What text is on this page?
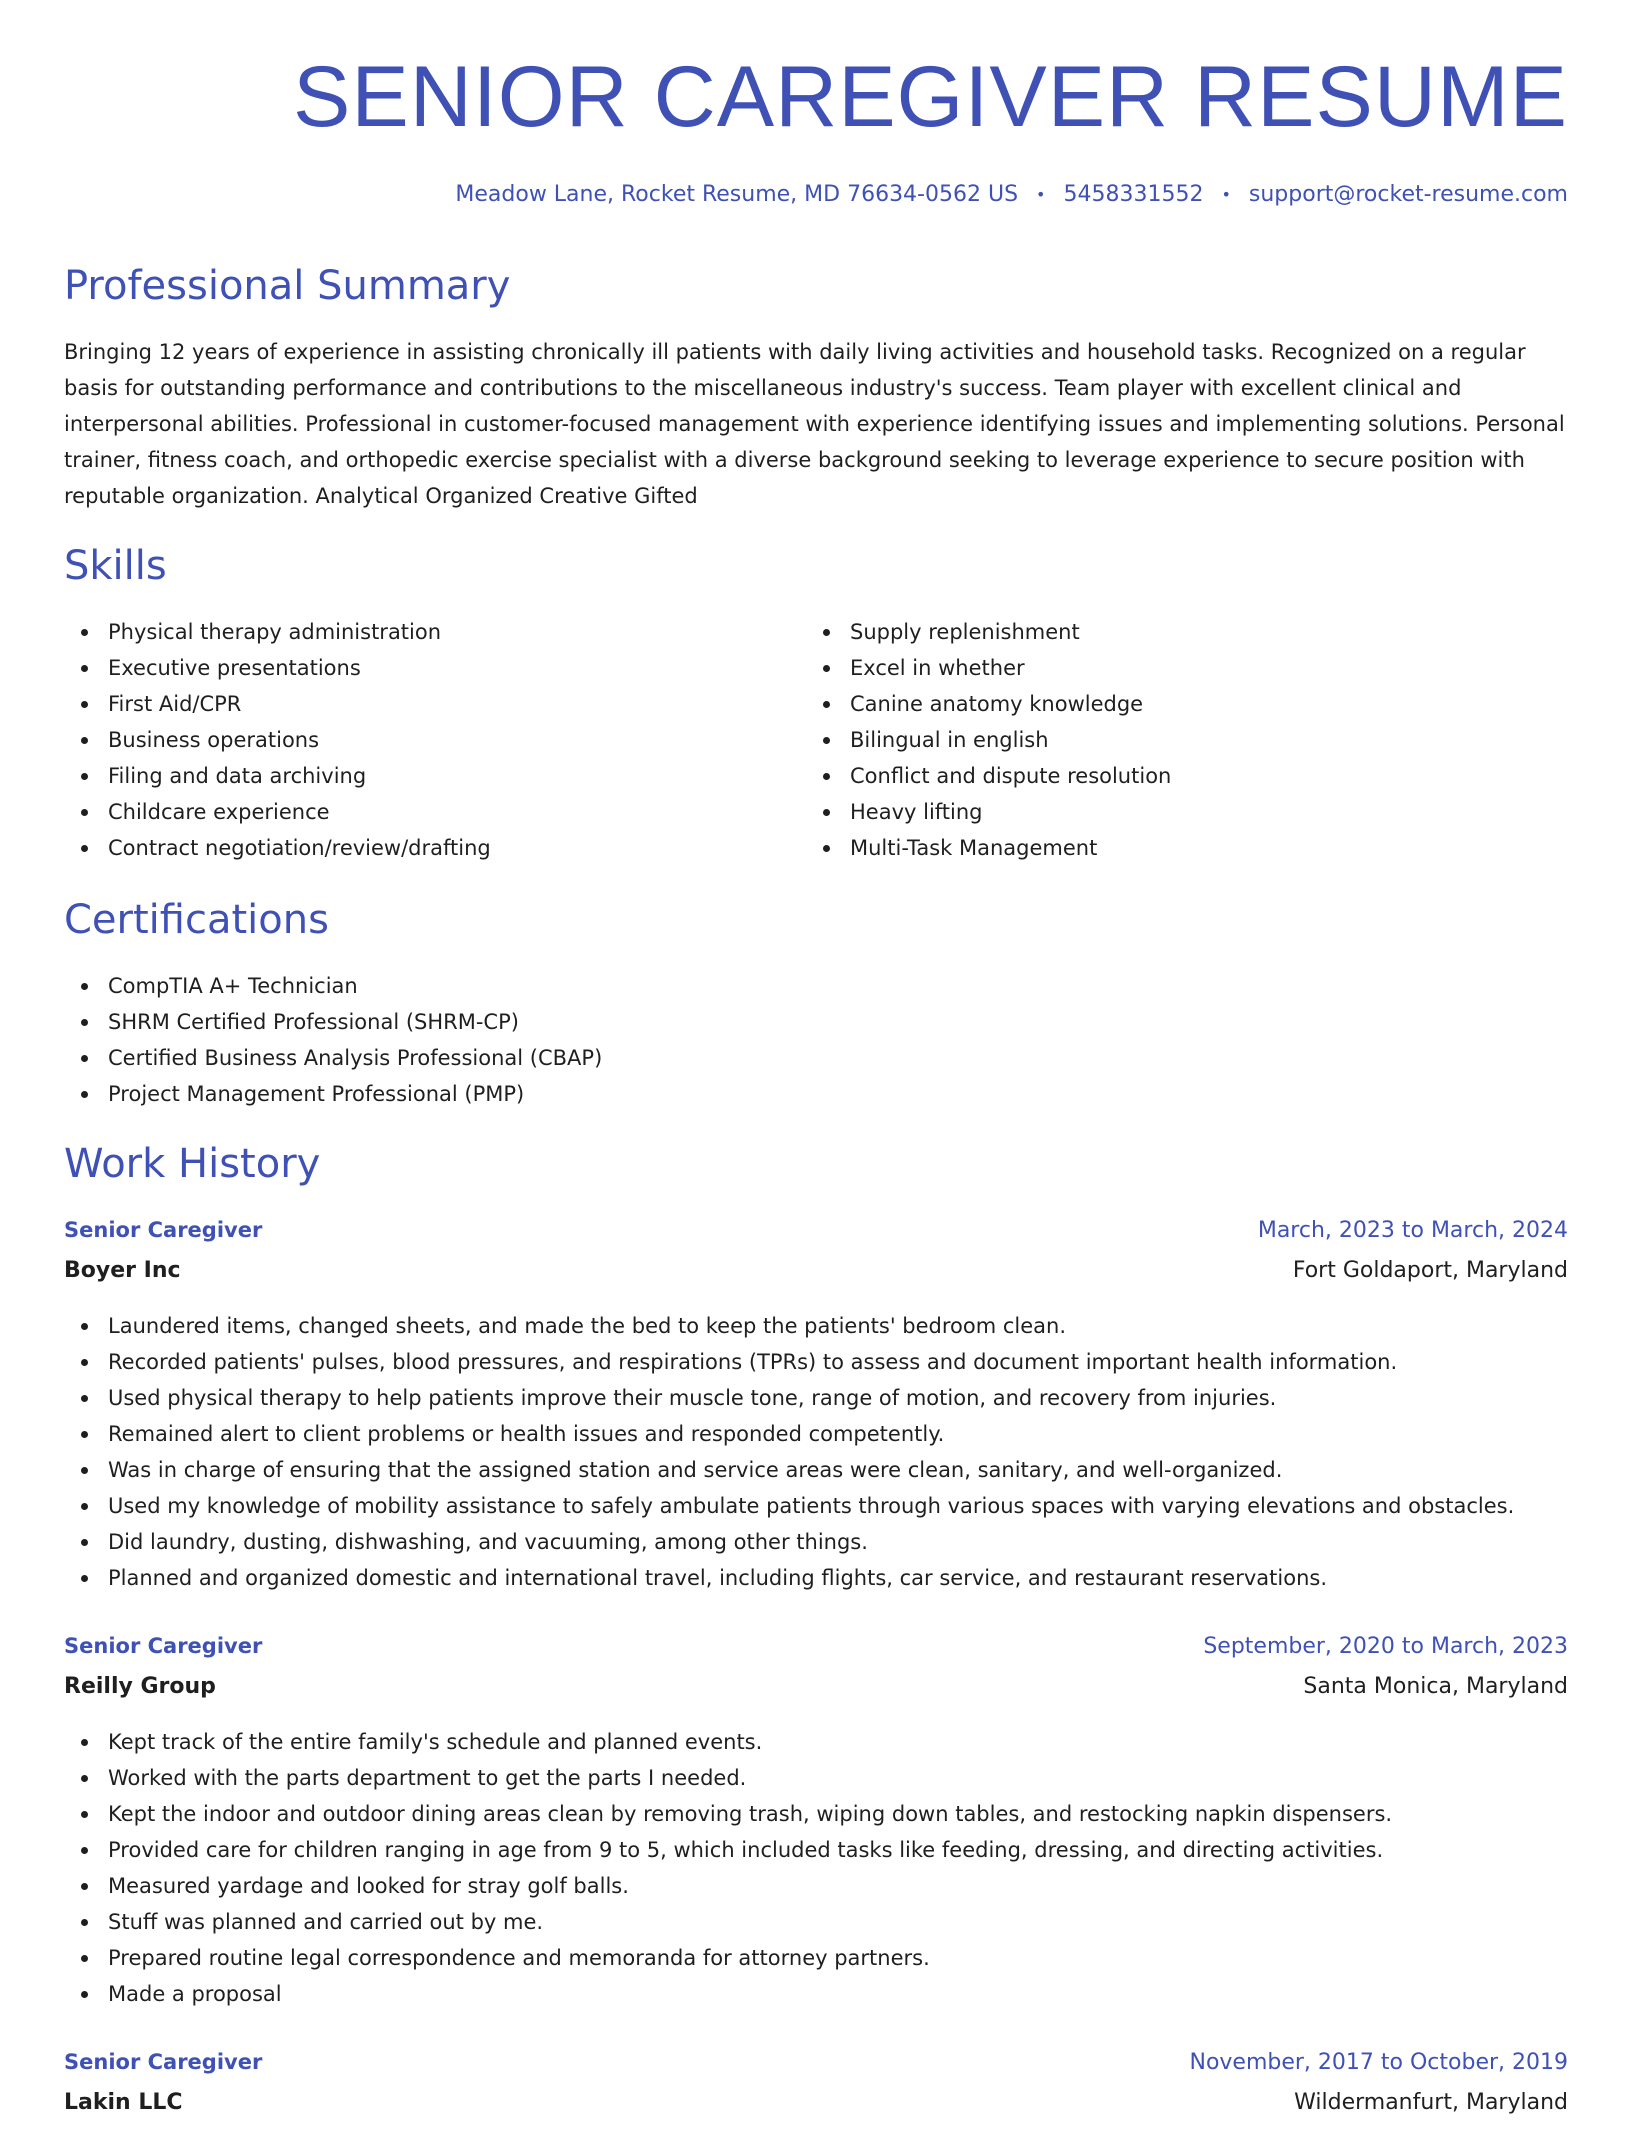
SENIOR CAREGIVER RESUME
Meadow Lane, Rocket Resume, MD 76634-0562 US • 5458331552 • support@rocket-resume.com
Professional Summary

Bringing 12 years of experience in assisting chronically ill patients with daily living activities and household tasks. Recognized on a regular basis for outstanding performance and contributions to the miscellaneous industry's success. Team player with excellent clinical and interpersonal abilities. Professional in customer-focused management with experience identifying issues and implementing solutions. Personal trainer, fitness coach, and orthopedic exercise specialist with a diverse background seeking to leverage experience to secure position with reputable organization. Analytical Organized Creative Gifted

Skills
Physical therapy administration
Executive presentations
First Aid/CPR
Business operations
Filing and data archiving
Childcare experience
Contract negotiation/review/drafting
Supply replenishment
Excel in whether
Canine anatomy knowledge
Bilingual in english
Conflict and dispute resolution
Heavy lifting
Multi-Task Management
Certifications
CompTIA A+ Technician
SHRM Certified Professional (SHRM-CP)
Certified Business Analysis Professional (CBAP)
Project Management Professional (PMP)
Work History
Senior Caregiver	March, 2023 to March, 2024
Boyer Inc	Fort Goldaport, Maryland
Laundered items, changed sheets, and made the bed to keep the patients' bedroom clean.
Recorded patients' pulses, blood pressures, and respirations (TPRs) to assess and document important health information.
Used physical therapy to help patients improve their muscle tone, range of motion, and recovery from injuries.
Remained alert to client problems or health issues and responded competently.
Was in charge of ensuring that the assigned station and service areas were clean, sanitary, and well-organized.
Used my knowledge of mobility assistance to safely ambulate patients through various spaces with varying elevations and obstacles.
Did laundry, dusting, dishwashing, and vacuuming, among other things.
Planned and organized domestic and international travel, including flights, car service, and restaurant reservations.
Senior Caregiver	September, 2020 to March, 2023
Reilly Group	Santa Monica, Maryland
Kept track of the entire family's schedule and planned events.
Worked with the parts department to get the parts I needed.
Kept the indoor and outdoor dining areas clean by removing trash, wiping down tables, and restocking napkin dispensers.
Provided care for children ranging in age from 9 to 5, which included tasks like feeding, dressing, and directing activities.
Measured yardage and looked for stray golf balls.
Stuff was planned and carried out by me.
Prepared routine legal correspondence and memoranda for attorney partners.
Made a proposal
Senior Caregiver	November, 2017 to October, 2019
Lakin LLC	Wildermanfurt, Maryland
